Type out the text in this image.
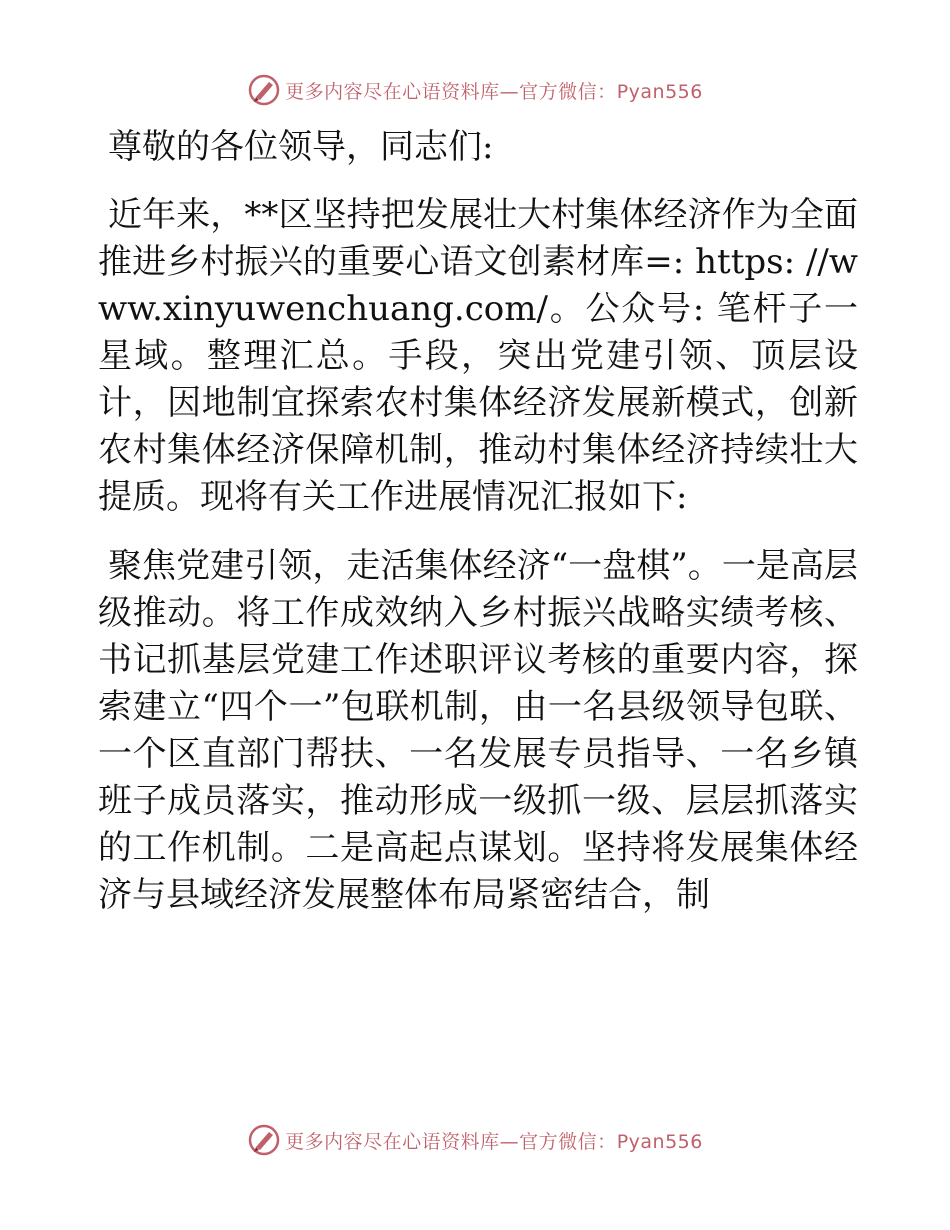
更多内容尽在心语资料库—官方微信：Pyan556

尊敬的各位领导，同志们:

近年来，**区坚持把发展壮大村集体经济作为全面推进乡村振兴的重要心语文创素材库=: https: //www.xinyuwenchuang.com/。公众号: 笔杆子一星域。整理汇总。手段，突出党建引领、顶层设计，因地制宜探索农村集体经济发展新模式，创新农村集体经济保障机制，推动村集体经济持续壮大提质。现将有关工作进展情况汇报如下:

聚焦党建引领，走活集体经济“一盘棋”。一是高层级推动。将工作成效纳入乡村振兴战略实绩考核、书记抓基层党建工作述职评议考核的重要内容，探索建立“四个一”包联机制，由一名县级领导包联、一个区直部门帮扶、一名发展专员指导、一名乡镇班子成员落实，推动形成一级抓一级、层层抓落实的工作机制。二是高起点谋划。坚持将发展集体经济与县域经济发展整体布局紧密结合，制

更多内容尽在心语资料库—官方微信：Pyan556
